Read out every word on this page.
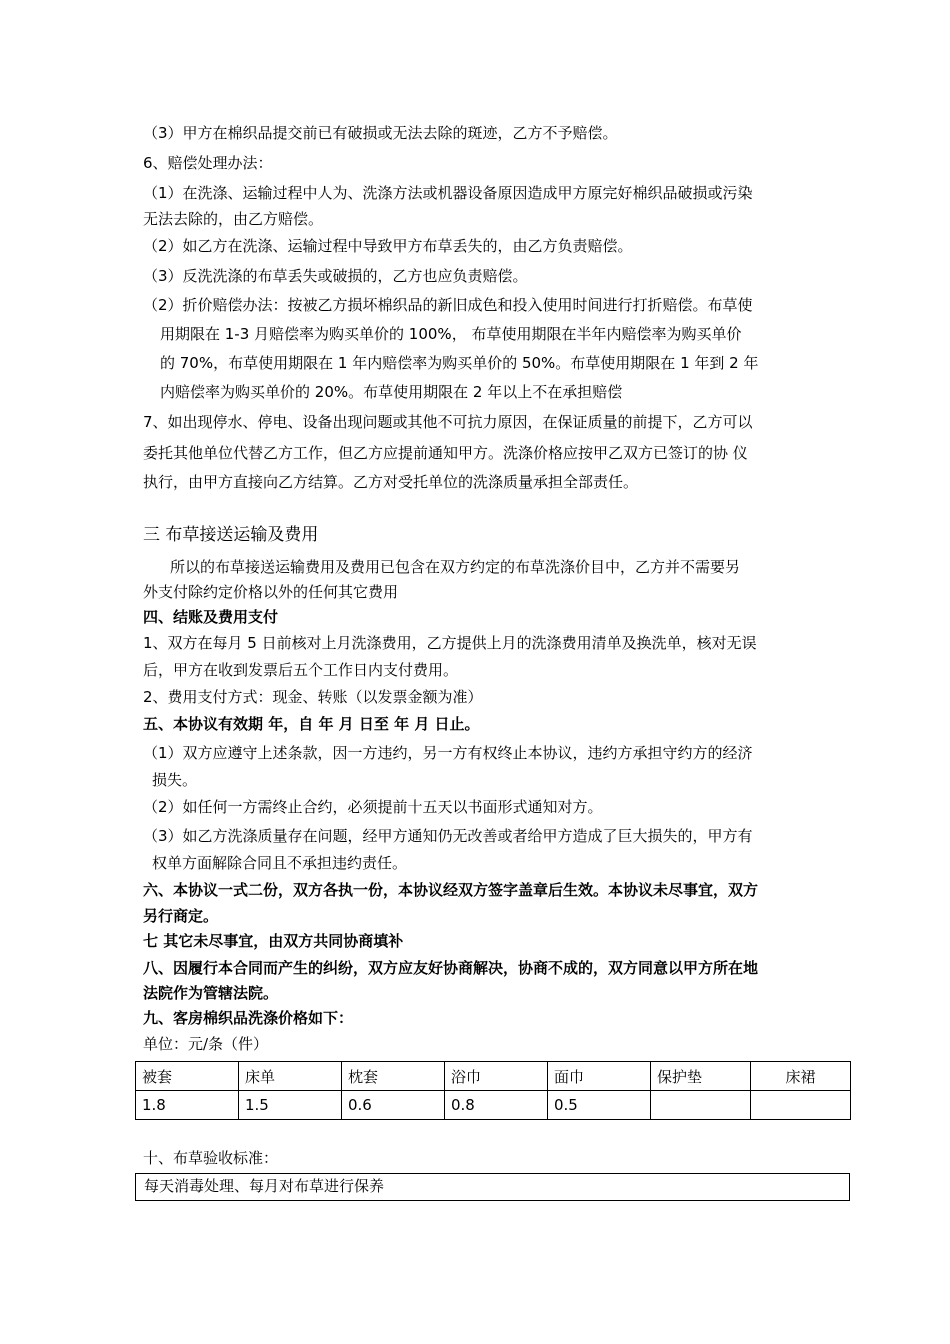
（3）甲方在棉织品提交前已有破损或无法去除的斑迹，乙方不予赔偿。
6、赔偿处理办法：
（1）在洗涤、运输过程中人为、洗涤方法或机器设备原因造成甲方原完好棉织品破损或污染
无法去除的，由乙方赔偿。
（2）如乙方在洗涤、运输过程中导致甲方布草丢失的，由乙方负责赔偿。
（3）反洗洗涤的布草丢失或破损的，乙方也应负责赔偿。
（2）折价赔偿办法：按被乙方损坏棉织品的新旧成色和投入使用时间进行打折赔偿。布草使
用期限在 1-3 月赔偿率为购买单价的 100%， 布草使用期限在半年内赔偿率为购买单价
的 70%，布草使用期限在 1 年内赔偿率为购买单价的 50%。布草使用期限在 1 年到 2 年
内赔偿率为购买单价的 20%。布草使用期限在 2 年以上不在承担赔偿
7、如出现停水、停电、设备出现问题或其他不可抗力原因，在保证质量的前提下，乙方可以
委托其他单位代替乙方工作，但乙方应提前通知甲方。洗涤价格应按甲乙双方已签订的协 仪
执行，由甲方直接向乙方结算。乙方对受托单位的洗涤质量承担全部责任。
三 布草接送运输及费用
所以的布草接送运输费用及费用已包含在双方约定的布草洗涤价目中，乙方并不需要另
外支付除约定价格以外的任何其它费用
四、结账及费用支付
1、双方在每月 5 日前核对上月洗涤费用，乙方提供上月的洗涤费用清单及换洗单，核对无误
后，甲方在收到发票后五个工作日内支付费用。
2、费用支付方式：现金、转账（以发票金额为准）
五、本协议有效期 年，自 年 月 日至 年 月 日止。
（1）双方应遵守上述条款，因一方违约，另一方有权终止本协议，违约方承担守约方的经济
损失。
（2）如任何一方需终止合约，必须提前十五天以书面形式通知对方。
（3）如乙方洗涤质量存在问题，经甲方通知仍无改善或者给甲方造成了巨大损失的，甲方有
权单方面解除合同且不承担违约责任。
六、本协议一式二份，双方各执一份，本协议经双方签字盖章后生效。本协议未尽事宜，双方
另行商定。
七 其它未尽事宜，由双方共同协商填补
八、因履行本合同而产生的纠纷，双方应友好协商解决，协商不成的，双方同意以甲方所在地
法院作为管辖法院。
九、客房棉织品洗涤价格如下：
单位：元/条（件）
被套	床单	枕套	浴巾	面巾	保护垫	床裙
1.8	1.5	0.6	0.8	0.5		
十、布草验收标准：
每天消毒处理、每月对布草进行保养
